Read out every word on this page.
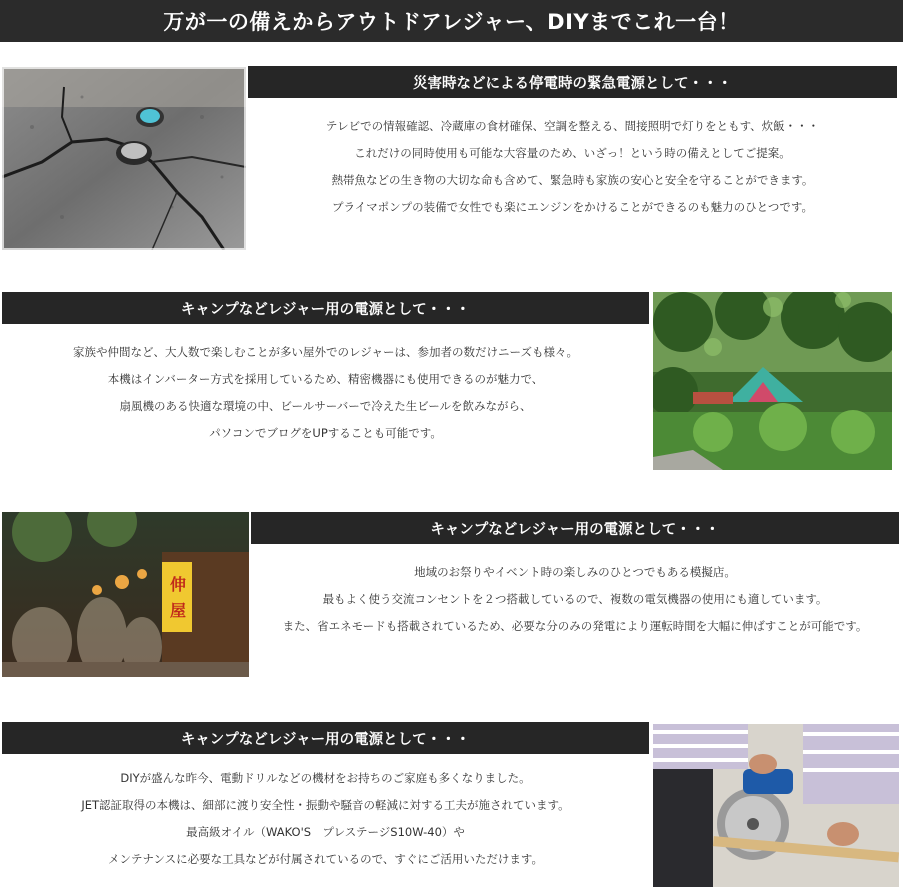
万が一の備えからアウトドアレジャー、DIYまでこれ一台！
災害時などによる停電時の緊急電源として・・・

テレビでの情報確認、冷蔵庫の食材確保、空調を整える、間接照明で灯りをともす、炊飯・・・

これだけの同時使用も可能な大容量のため、いざっ！という時の備えとしてご提案。

熱帯魚などの生き物の大切な命も含めて、緊急時も家族の安心と安全を守ることができます。

プライマポンプの装備で女性でも楽にエンジンをかけることができるのも魅力のひとつです。

キャンプなどレジャー用の電源として・・・

家族や仲間など、大人数で楽しむことが多い屋外でのレジャーは、参加者の数だけニーズも様々。

本機はインバーター方式を採用しているため、精密機器にも使用できるのが魅力で、

扇風機のある快適な環境の中、ビールサーバーで冷えた生ビールを飲みながら、

パソコンでブログをUPすることも可能です。

伸
屋
キャンプなどレジャー用の電源として・・・

地域のお祭りやイベント時の楽しみのひとつでもある模擬店。

最もよく使う交流コンセントを２つ搭載しているので、複数の電気機器の使用にも適しています。

また、省エネモードも搭載されているため、必要な分のみの発電により運転時間を大幅に伸ばすことが可能です。

キャンプなどレジャー用の電源として・・・

DIYが盛んな昨今、電動ドリルなどの機材をお持ちのご家庭も多くなりました。

JET認証取得の本機は、細部に渡り安全性・振動や騒音の軽減に対する工夫が施されています。

最高級オイル（WAKO'S　プレステージS10W-40）や

メンテナンスに必要な工具などが付属されているので、すぐにご活用いただけます。
